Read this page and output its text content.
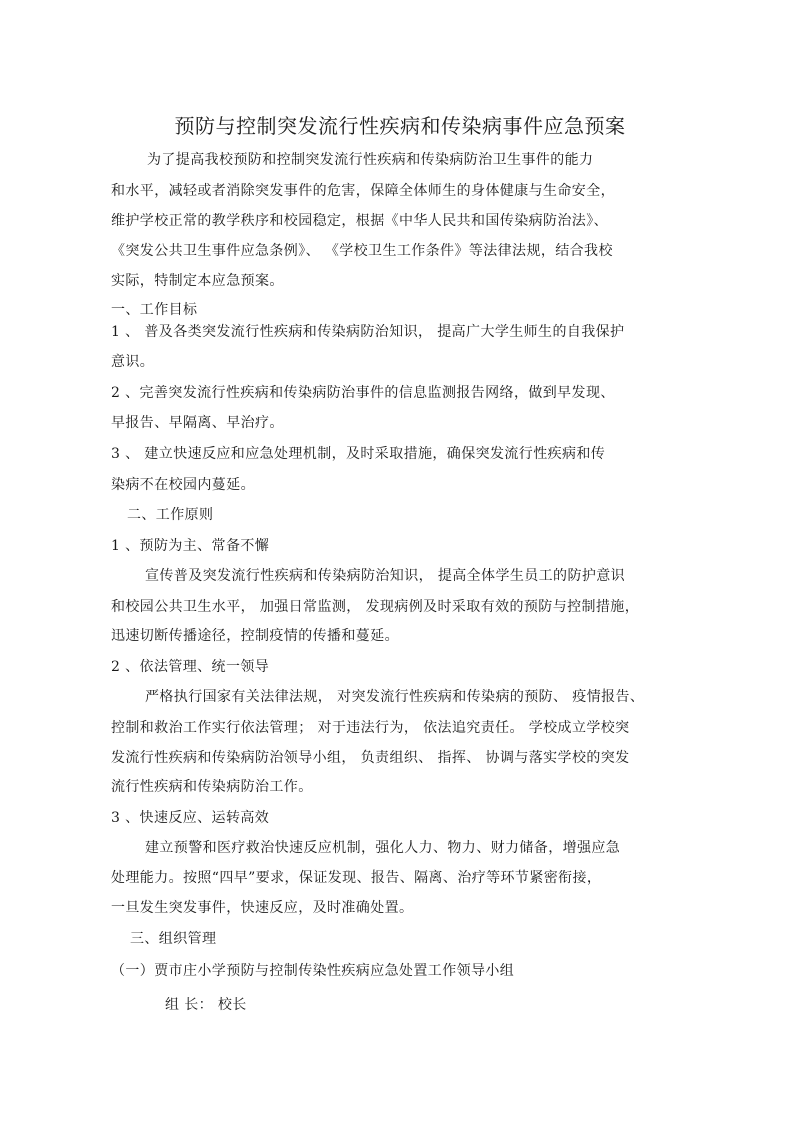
预防与控制突发流行性疾病和传染病事件应急预案
为了提高我校预防和控制突发流行性疾病和传染病防治卫生事件的能力
和水平，减轻或者消除突发事件的危害，保障全体师生的身体健康与生命安全，
维护学校正常的教学秩序和校园稳定，根据《中华人民共和国传染病防治法》、
《突发公共卫生事件应急条例》、 《学校卫生工作条件》等法律法规，结合我校
实际，特制定本应急预案。
一、工作目标
1 、 普及各类突发流行性疾病和传染病防治知识， 提高广大学生师生的自我保护
意识。
2 、完善突发流行性疾病和传染病防治事件的信息监测报告网络，做到早发现、
早报告、早隔离、早治疗。
3 、 建立快速反应和应急处理机制，及时采取措施，确保突发流行性疾病和传
染病不在校园内蔓延。
二、工作原则
1 、预防为主、常备不懈
宣传普及突发流行性疾病和传染病防治知识， 提高全体学生员工的防护意识
和校园公共卫生水平， 加强日常监测， 发现病例及时采取有效的预防与控制措施，
迅速切断传播途径，控制疫情的传播和蔓延。
2 、依法管理、统一领导
严格执行国家有关法律法规， 对突发流行性疾病和传染病的预防、 疫情报告、
控制和救治工作实行依法管理； 对于违法行为， 依法追究责任。 学校成立学校突
发流行性疾病和传染病防治领导小组， 负责组织、 指挥、 协调与落实学校的突发
流行性疾病和传染病防治工作。
3 、快速反应、运转高效
建立预警和医疗救治快速反应机制，强化人力、物力、财力储备，增强应急
处理能力。按照“四早”要求，保证发现、报告、隔离、治疗等环节紧密衔接，
一旦发生突发事件，快速反应，及时准确处置。
三、组织管理
（一）贾市庄小学预防与控制传染性疾病应急处置工作领导小组
组 长： 校长
